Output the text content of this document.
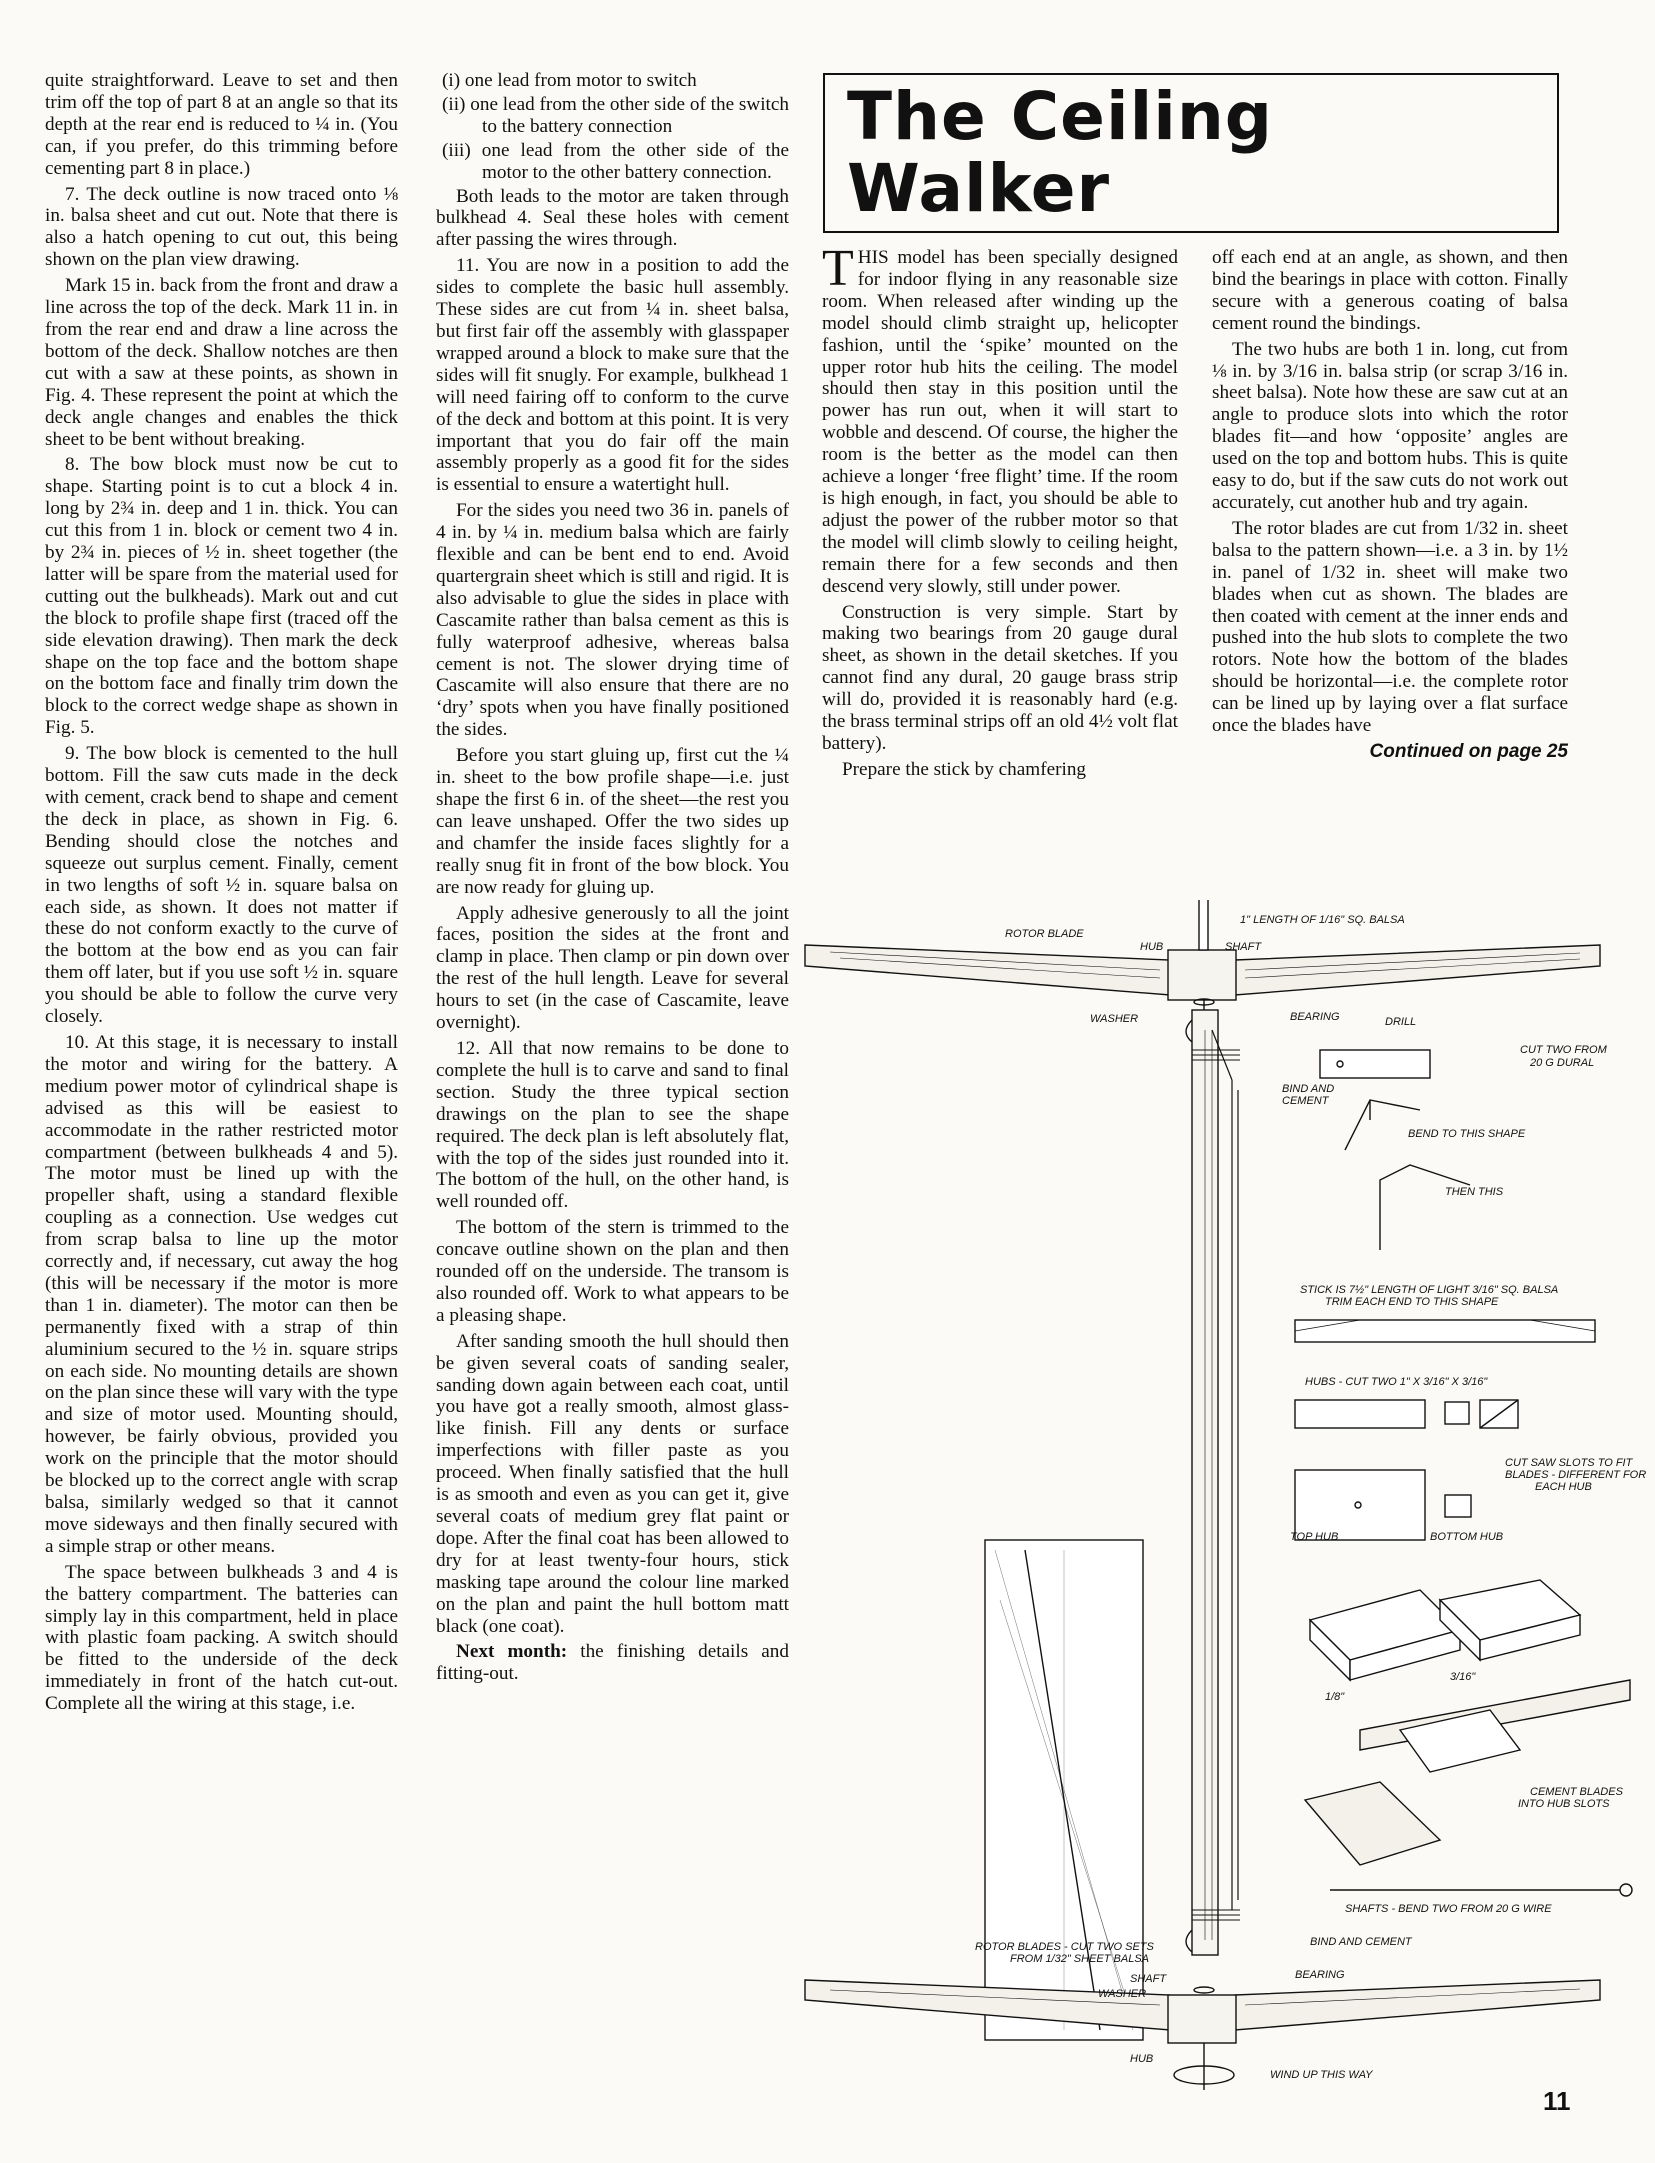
quite straightforward. Leave to set and then trim off the top of part 8 at an angle so that its depth at the rear end is reduced to ¼ in. (You can, if you prefer, do this trimming before cementing part 8 in place.)

7. The deck outline is now traced onto ⅛ in. balsa sheet and cut out. Note that there is also a hatch opening to cut out, this being shown on the plan view drawing.

Mark 15 in. back from the front and draw a line across the top of the deck. Mark 11 in. in from the rear end and draw a line across the bottom of the deck. Shallow notches are then cut with a saw at these points, as shown in Fig. 4. These represent the point at which the deck angle changes and enables the thick sheet to be bent without breaking.

8. The bow block must now be cut to shape. Starting point is to cut a block 4 in. long by 2¾ in. deep and 1 in. thick. You can cut this from 1 in. block or cement two 4 in. by 2¾ in. pieces of ½ in. sheet together (the latter will be spare from the material used for cutting out the bulkheads). Mark out and cut the block to profile shape first (traced off the side elevation drawing). Then mark the deck shape on the top face and the bottom shape on the bottom face and finally trim down the block to the correct wedge shape as shown in Fig. 5.

9. The bow block is cemented to the hull bottom. Fill the saw cuts made in the deck with cement, crack bend to shape and cement the deck in place, as shown in Fig. 6. Bending should close the notches and squeeze out surplus cement. Finally, cement in two lengths of soft ½ in. square balsa on each side, as shown. It does not matter if these do not conform exactly to the curve of the bottom at the bow end as you can fair them off later, but if you use soft ½ in. square you should be able to follow the curve very closely.

10. At this stage, it is necessary to install the motor and wiring for the battery. A medium power motor of cylindrical shape is advised as this will be easiest to accommodate in the rather restricted motor compartment (between bulkheads 4 and 5). The motor must be lined up with the propeller shaft, using a standard flexible coupling as a connection. Use wedges cut from scrap balsa to line up the motor correctly and, if necessary, cut away the hog (this will be necessary if the motor is more than 1 in. diameter). The motor can then be permanently fixed with a strap of thin aluminium secured to the ½ in. square strips on each side. No mounting details are shown on the plan since these will vary with the type and size of motor used. Mounting should, however, be fairly obvious, provided you work on the principle that the motor should be blocked up to the correct angle with scrap balsa, similarly wedged so that it cannot move sideways and then finally secured with a simple strap or other means.

The space between bulkheads 3 and 4 is the battery compartment. The batteries can simply lay in this compartment, held in place with plastic foam packing. A switch should be fitted to the underside of the deck immediately in front of the hatch cut-out. Complete all the wiring at this stage, i.e.

(i) one lead from motor to switch

(ii) one lead from the other side of the switch to the battery connection

(iii) one lead from the other side of the motor to the other battery connection.

Both leads to the motor are taken through bulkhead 4. Seal these holes with cement after passing the wires through.

11. You are now in a position to add the sides to complete the basic hull assembly. These sides are cut from ¼ in. sheet balsa, but first fair off the assembly with glasspaper wrapped around a block to make sure that the sides will fit snugly. For example, bulkhead 1 will need fairing off to conform to the curve of the deck and bottom at this point. It is very important that you do fair off the main assembly properly as a good fit for the sides is essential to ensure a watertight hull.

For the sides you need two 36 in. panels of 4 in. by ¼ in. medium balsa which are fairly flexible and can be bent end to end. Avoid quartergrain sheet which is still and rigid. It is also advisable to glue the sides in place with Cascamite rather than balsa cement as this is fully waterproof adhesive, whereas balsa cement is not. The slower drying time of Cascamite will also ensure that there are no ‘dry’ spots when you have finally positioned the sides.

Before you start gluing up, first cut the ¼ in. sheet to the bow profile shape—i.e. just shape the first 6 in. of the sheet—the rest you can leave unshaped. Offer the two sides up and chamfer the inside faces slightly for a really snug fit in front of the bow block. You are now ready for gluing up.

Apply adhesive generously to all the joint faces, position the sides at the front and clamp in place. Then clamp or pin down over the rest of the hull length. Leave for several hours to set (in the case of Cascamite, leave overnight).

12. All that now remains to be done to complete the hull is to carve and sand to final section. Study the three typical section drawings on the plan to see the shape required. The deck plan is left absolutely flat, with the top of the sides just rounded into it. The bottom of the hull, on the other hand, is well rounded off.

The bottom of the stern is trimmed to the concave outline shown on the plan and then rounded off on the underside. The transom is also rounded off. Work to what appears to be a pleasing shape.

After sanding smooth the hull should then be given several coats of sanding sealer, sanding down again between each coat, until you have got a really smooth, almost glass-like finish. Fill any dents or surface imperfections with filler paste as you proceed. When finally satisfied that the hull is as smooth and even as you can get it, give several coats of medium grey flat paint or dope. After the final coat has been allowed to dry for at least twenty-four hours, stick masking tape around the colour line marked on the plan and paint the hull bottom matt black (one coat).

Next month: the finishing details and fitting-out.

The Ceiling
Walker

THIS model has been specially designed for indoor flying in any reasonable size room. When released after winding up the model should climb straight up, helicopter fashion, until the ‘spike’ mounted on the upper rotor hub hits the ceiling. The model should then stay in this position until the power has run out, when it will start to wobble and descend. Of course, the higher the room is the better as the model can then achieve a longer ‘free flight’ time. If the room is high enough, in fact, you should be able to adjust the power of the rubber motor so that the model will climb slowly to ceiling height, remain there for a few seconds and then descend very slowly, still under power.

Construction is very simple. Start by making two bearings from 20 gauge dural sheet, as shown in the detail sketches. If you cannot find any dural, 20 gauge brass strip will do, provided it is reasonably hard (e.g. the brass terminal strips off an old 4½ volt flat battery).

Prepare the stick by chamfering

off each end at an angle, as shown, and then bind the bearings in place with cotton. Finally secure with a generous coating of balsa cement round the bindings.

The two hubs are both 1 in. long, cut from ⅛ in. by 3/16 in. balsa strip (or scrap 3/16 in. sheet balsa). Note how these are saw cut at an angle to produce slots into which the rotor blades fit—and how ‘opposite’ angles are used on the top and bottom hubs. This is quite easy to do, but if the saw cuts do not work out accurately, cut another hub and try again.

The rotor blades are cut from 1/32 in. sheet balsa to the pattern shown—i.e. a 3 in. by 1½ in. panel of 1/32 in. sheet will make two blades when cut as shown. The blades are then coated with cement at the inner ends and pushed into the hub slots to complete the two rotors. Note how the bottom of the blades should be horizontal—i.e. the complete rotor can be lined up by laying over a flat surface once the blades have

Continued on page 25
1" LENGTH OF 1/16" SQ. BALSA
ROTOR BLADE
HUB	SHAFT
WASHER	BEARING	DRILL
CUT TWO FROM
20 G DURAL
BIND AND
CEMENT
BEND TO THIS SHAPE
THEN THIS
STICK IS 7½" LENGTH OF LIGHT 3/16" SQ. BALSA
TRIM EACH END TO THIS SHAPE
HUBS - CUT TWO 1" X 3/16" X 3/16"
CUT SAW SLOTS TO FIT
BLADES - DIFFERENT FOR
EACH HUB
TOP HUB	BOTTOM HUB
1/8"
3/16"
CEMENT BLADES
INTO HUB SLOTS
SHAFTS - BEND TWO FROM 20 G WIRE
BIND AND CEMENT
ROTOR BLADES - CUT TWO SETS
FROM 1/32" SHEET BALSA
BEARING
SHAFT
WASHER
HUB
WIND UP THIS WAY
11
